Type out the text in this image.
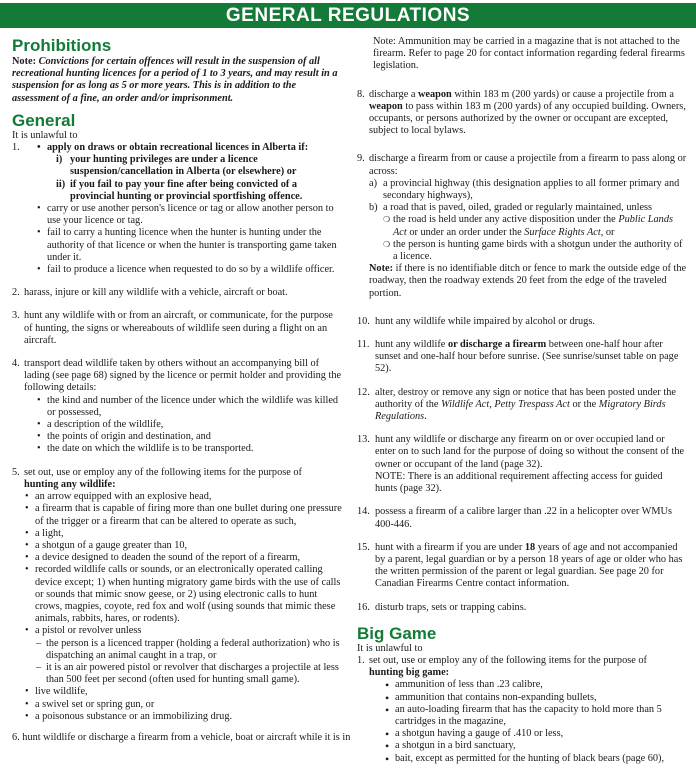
GENERAL REGULATIONS
Prohibitions

Note: Convictions for certain offences will result in the suspension of all recreational hunting licences for a period of 1 to 3 years, and may result in a suspension for as long as 5 or more years. This is in addition to the assessment of a fine, an order and/or imprisonment.

General

It is unlawful to

1.
•	apply on draws or obtain recreational licences in Alberta if:
i) your hunting privileges are under a licence suspension/cancellation in Alberta (or elsewhere) or
ii) if you fail to pay your fine after being convicted of a provincial hunting or provincial sportfishing offence.
• carry or use another person's licence or tag or allow another person to use your licence or tag.
• fail to carry a hunting licence when the hunter is hunting under the authority of that licence or when the hunter is transporting game taken under it.
• fail to produce a licence when requested to do so by a wildlife officer.
2. harass, injure or kill any wildlife with a vehicle, aircraft or boat.
3. hunt any wildlife with or from an aircraft, or communicate, for the purpose of hunting, the signs or whereabouts of wildlife seen during a flight on an aircraft.
4. transport dead wildlife taken by others without an accompanying bill of lading (see page 68) signed by the licence or permit holder and providing the following details:
• the kind and number of the licence under which the wildlife was killed or possessed,
• a description of the wildlife,
• the points of origin and destination, and
• the date on which the wildlife is to be transported.
5. set out, use or employ any of the following items for the purpose of
hunting any wildlife:
• an arrow equipped with an explosive head,
• a firearm that is capable of firing more than one bullet during one pressure of the trigger or a firearm that can be altered to operate as such,
• a light,
• a shotgun of a gauge greater than 10,
• a device designed to deaden the sound of the report of a firearm,
• recorded wildlife calls or sounds, or an electronically operated calling device except; 1) when hunting migratory game birds with the use of calls or sounds that mimic snow geese, or 2) using electronic calls to hunt crows, magpies, coyote, red fox and wolf (using sounds that mimic these animals, rabbits, hares, or rodents).
• a pistol or revolver unless
– the person is a licenced trapper (holding a federal authorization) who is dispatching an animal caught in a trap, or
– it is an air powered pistol or revolver that discharges a projectile at less than 500 feet per second (often used for hunting small game).
• live wildlife,
• a swivel set or spring gun, or
• a poisonous substance or an immobilizing drug.

6. hunt wildlife or discharge a firearm from a vehicle, boat or aircraft while it is in

Note: Ammunition may be carried in a magazine that is not attached to the firearm. Refer to page 20 for contact information regarding federal firearms legislation.

8. discharge a weapon within 183 m (200 yards) or cause a projectile from a weapon to pass within 183 m (200 yards) of any occupied building. Owners, occupants, or persons authorized by the owner or occupant are excepted, subject to local bylaws.
9. discharge a firearm from or cause a projectile from a firearm to pass along or across:
a) a provincial highway (this designation applies to all former primary and secondary highways),
b) a road that is paved, oiled, graded or regularly maintained, unless
❍ the road is held under any active disposition under the Public Lands Act or under an order under the Surface Rights Act, or
❍ the person is hunting game birds with a shotgun under the authority of a licence.

Note: if there is no identifiable ditch or fence to mark the outside edge of the roadway, then the roadway extends 20 feet from the edge of the traveled portion.

10. hunt any wildlife while impaired by alcohol or drugs.
11. hunt any wildlife or discharge a firearm between one-half hour after sunset and one-half hour before sunrise. (See sunrise/sunset table on page 52).
12. alter, destroy or remove any sign or notice that has been posted under the authority of the Wildlife Act, Petty Trespass Act or the Migratory Birds Regulations.
13. hunt any wildlife or discharge any firearm on or over occupied land or enter on to such land for the purpose of doing so without the consent of the owner or occupant of the land (page 32).
NOTE: There is an additional requirement affecting access for guided hunts (page 32).
14. possess a firearm of a calibre larger than .22 in a helicopter over WMUs 400-446.
15. hunt with a firearm if you are under 18 years of age and not accompanied by a parent, legal guardian or by a person 18 years of age or older who has the written permission of the parent or legal guardian. See page 20 for Canadian Firearms Centre contact information.
16. disturb traps, sets or trapping cabins.
Big Game

It is unlawful to

1. set out, use or employ any of the following items for the purpose of
hunting big game:
• ammunition of less than .23 calibre,
• ammunition that contains non-expanding bullets,
• an auto-loading firearm that has the capacity to hold more than 5 cartridges in the magazine,
• a shotgun having a gauge of .410 or less,
• a shotgun in a bird sanctuary,
• bait, except as permitted for the hunting of black bears (page 60),
